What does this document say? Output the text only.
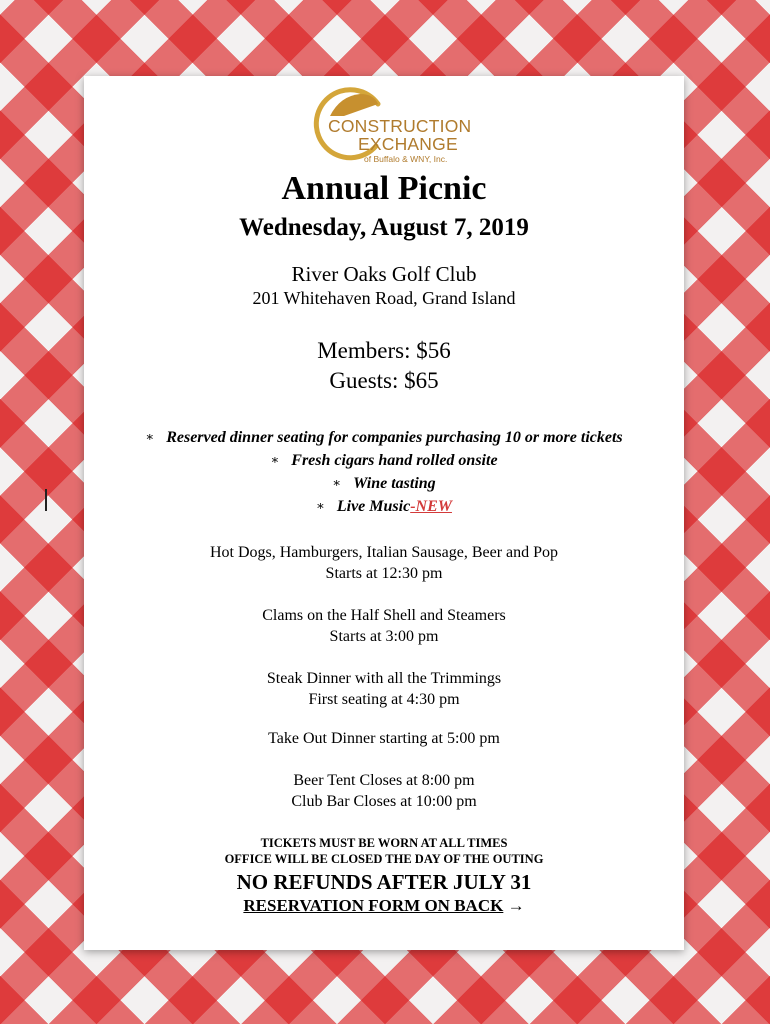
CONSTRUCTION
EXCHANGE
of Buffalo & WNY, Inc.
Annual Picnic
Wednesday, August 7, 2019
River Oaks Golf Club
201 Whitehaven Road, Grand Island
Members: $56
Guests: $65
∗ Reserved dinner seating for companies purchasing 10 or more tickets
∗ Fresh cigars hand rolled onsite
∗ Wine tasting
∗ Live Music-NEW
Hot Dogs, Hamburgers, Italian Sausage, Beer and Pop
Starts at 12:30 pm
Clams on the Half Shell and Steamers
Starts at 3:00 pm
Steak Dinner with all the Trimmings
First seating at 4:30 pm
Take Out Dinner starting at 5:00 pm
Beer Tent Closes at 8:00 pm
Club Bar Closes at 10:00 pm
TICKETS MUST BE WORN AT ALL TIMES
OFFICE WILL BE CLOSED THE DAY OF THE OUTING
NO REFUNDS AFTER JULY 31
RESERVATION FORM ON BACK →
